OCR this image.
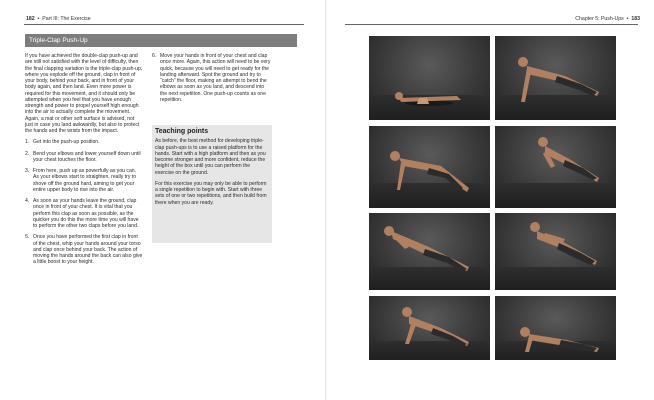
182  •  Part III: The Exercise
Triple-Clap Push-Up

If you have achieved the double-clap push-up and are still not satisfied with the level of difficulty, then the final clapping variation is the triple-clap push-up, where you explode off the ground, clap in front of your body, behind your back, and in front of your body again, and then land. Even more power is required for this movement, and it should only be attempted when you feel that you have enough strength and power to propel yourself high enough into the air to actually complete the movement. Again, a mat or other soft surface is advised, not just in case you land awkwardly, but also to protect the hands and the wrists from the impact.

1. Get into the push-up position.
2. Bend your elbows and lower yourself down until your chest touches the floor.
3. From here, push up as powerfully as you can. As your elbows start to straighten, really try to shove off the ground hard, aiming to get your entire upper body to rise into the air.
4. As soon as your hands leave the ground, clap once in front of your chest. It is vital that you perform this clap as soon as possible, as the quicker you do this the more time you will have to perform the other two claps before you land.
5. Once you have performed the first clap in front of the chest, whip your hands around your torso and clap once behind your back. The action of moving the hands around the back can also give a little boost to your height.
6. Move your hands in front of your chest and clap once more. Again, this action will need to be very quick, because you will need to get ready for the landing afterward. Spot the ground and try to “catch” the floor, making an attempt to bend the elbows as soon as you land, and descend into the next repetition. One push-up counts as one repetition.
Teaching points

As before, the best method for developing triple-clap push-ups is to use a raised platform for the hands. Start with a high platform and then as you become stronger and more confident, reduce the height of the box until you can perform the exercise on the ground.

For this exercise you may only be able to perform a single repetition to begin with. Start with three sets of one or two repetitions, and then build from there when you are ready.

Chapter 5: Push-Ups  •  183
